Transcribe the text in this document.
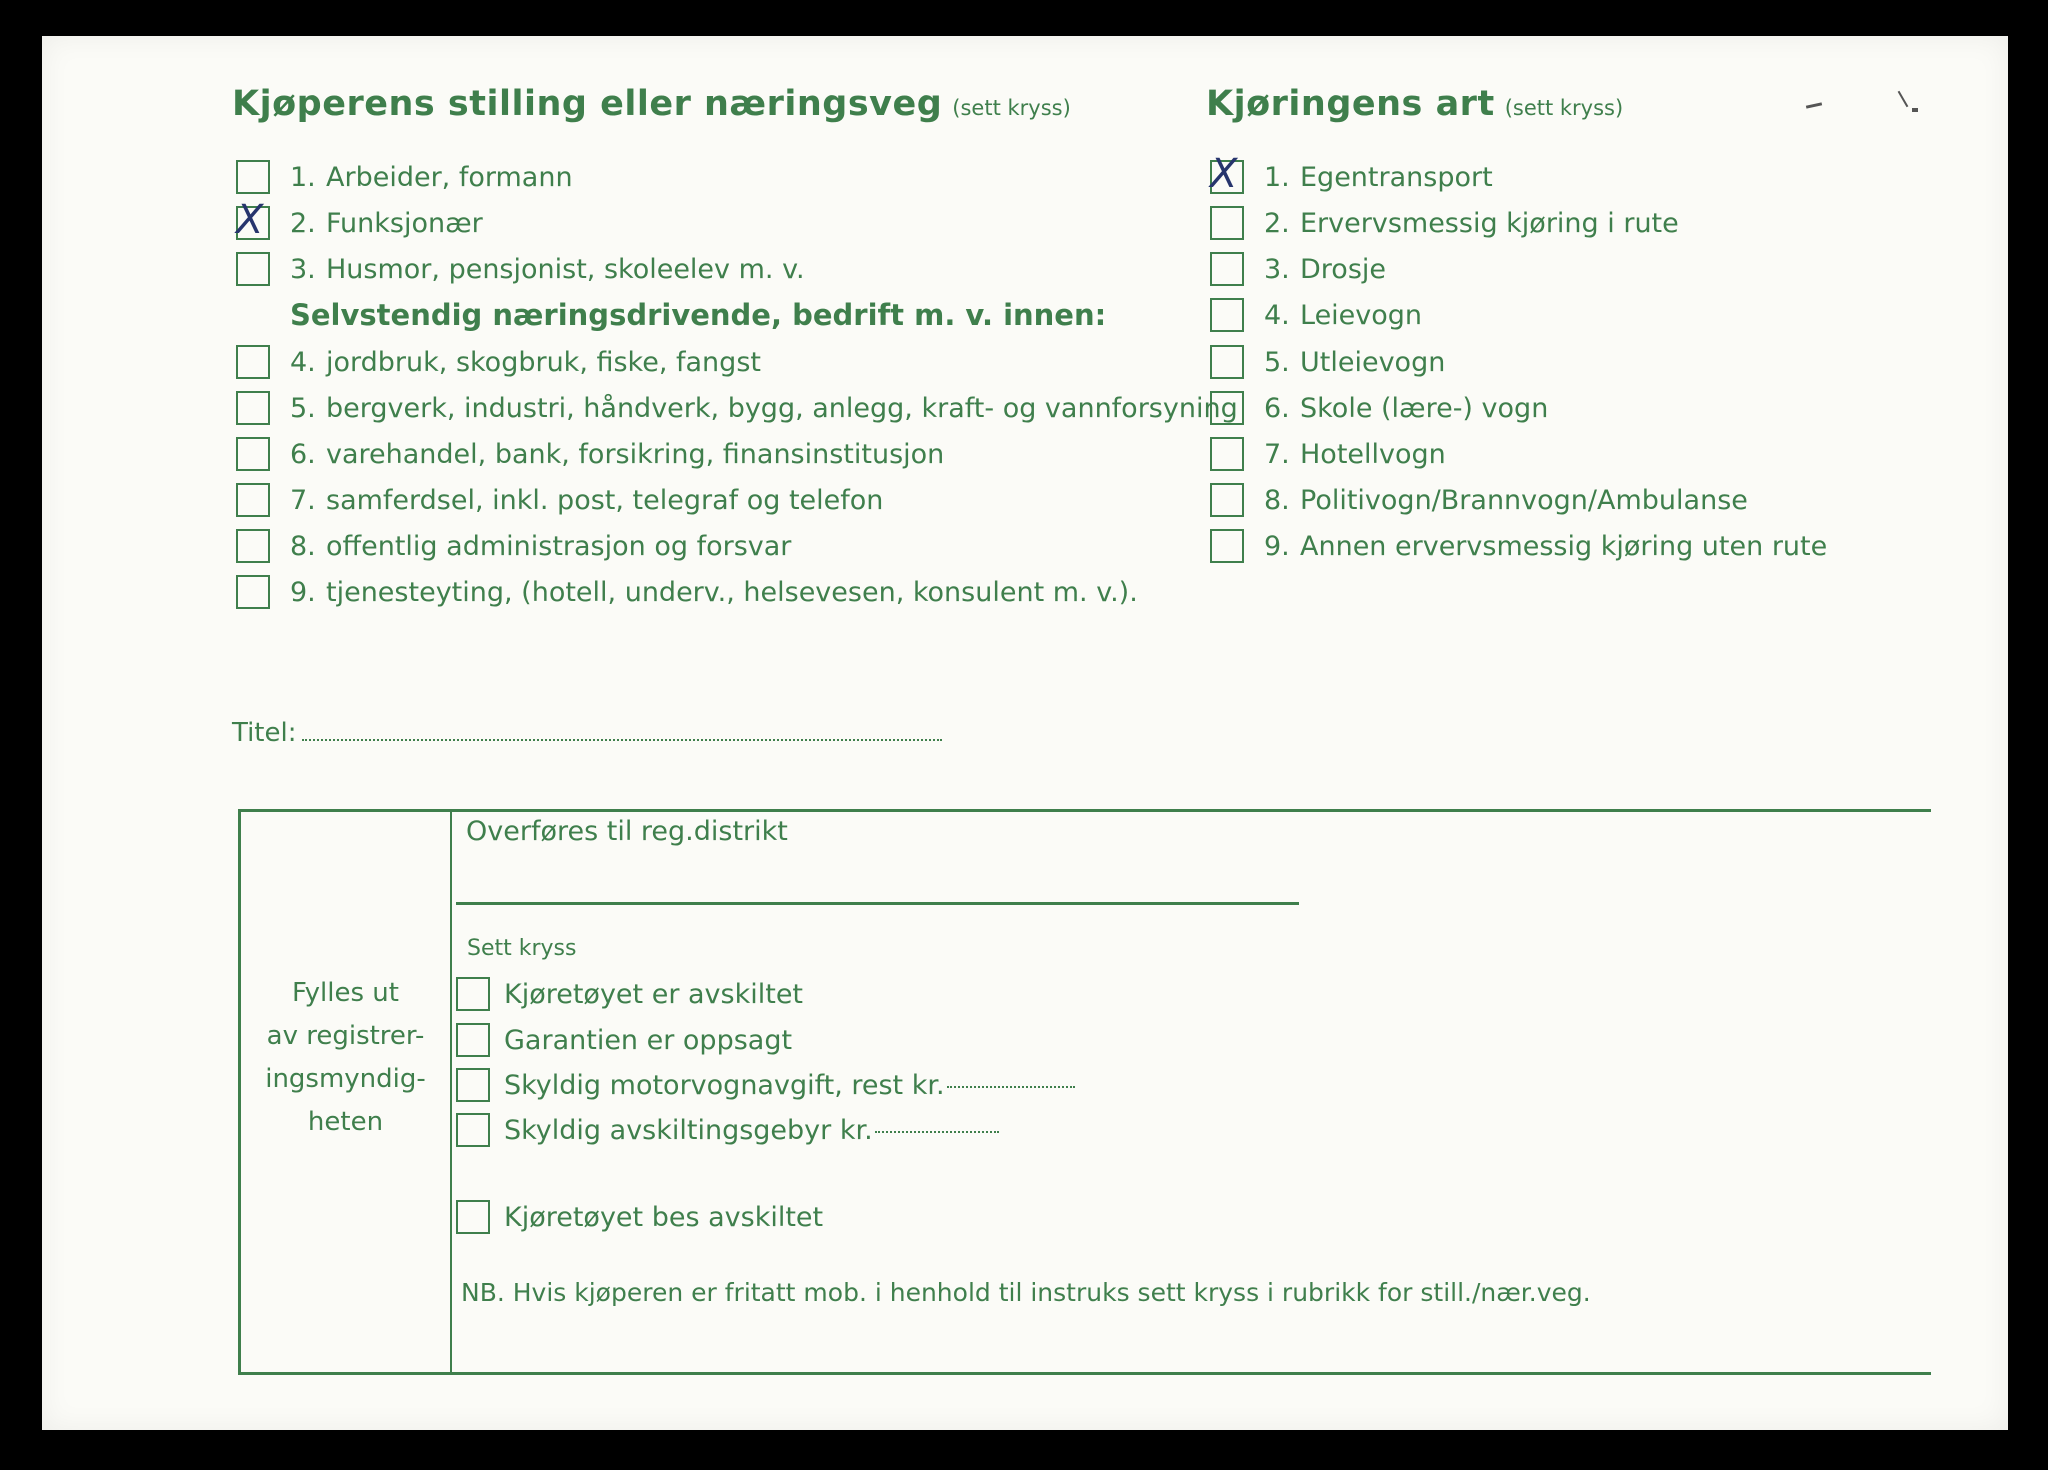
Kjøperens stilling eller næringsveg (sett kryss)	Kjøringens art (sett kryss)
1. Arbeider, formann
X 2. Funksjonær
3. Husmor, pensjonist, skoleelev m. v.
Selvstendig næringsdrivende, bedrift m. v. innen:
4. jordbruk, skogbruk, fiske, fangst
5. bergverk, industri, håndverk, bygg, anlegg, kraft- og vannforsyning
6. varehandel, bank, forsikring, finansinstitusjon
7. samferdsel, inkl. post, telegraf og telefon
8. offentlig administrasjon og forsvar
9. tjenesteyting, (hotell, underv., helsevesen, konsulent m. v.).
X 1. Egentransport
2. Ervervsmessig kjøring i rute
3. Drosje
4. Leievogn
5. Utleievogn
6. Skole (lære-) vogn
7. Hotellvogn
8. Politivogn/Brannvogn/Ambulanse
9. Annen ervervsmessig kjøring uten rute
Titel:
Fylles ut
av registrer-
ingsmyndig-
heten
Overføres til reg.distrikt
Sett kryss
Kjøretøyet er avskiltet
Garantien er oppsagt
Skyldig motorvognavgift, rest kr.
Skyldig avskiltingsgebyr kr.
Kjøretøyet bes avskiltet
NB. Hvis kjøperen er fritatt mob. i henhold til instruks sett kryss i rubrikk for still./nær.veg.
